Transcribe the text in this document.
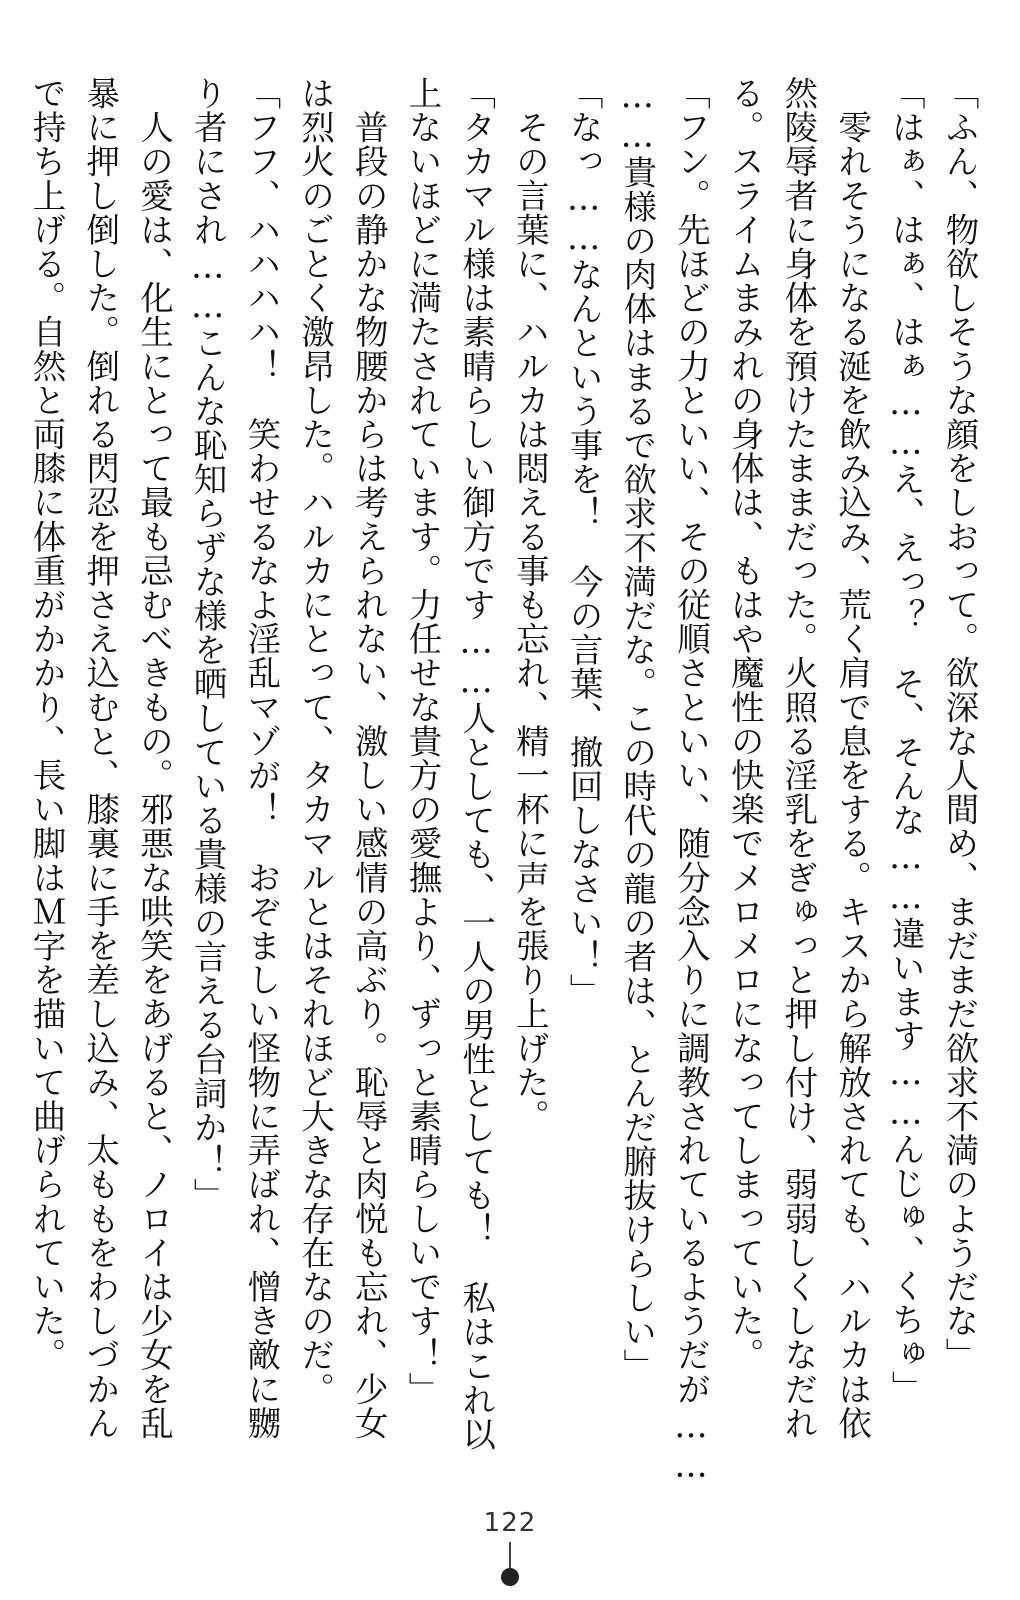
「ふん、物欲しそうな顔をしおって。欲深な人間め、まだまだ欲求不満のようだな」
「はぁ、はぁ、はぁ……え、えっ？　そ、そんな……違います……んじゅ、くちゅ」
　零れそうになる涎を飲み込み、荒く肩で息をする。キスから解放されても、ハルカは依
然陵辱者に身体を預けたままだった。火照る淫乳をぎゅっと押し付け、弱弱しくしなだれ
る。スライムまみれの身体は、もはや魔性の快楽でメロメロになってしまっていた。
「フン。先ほどの力といい、その従順さといい、随分念入りに調教されているようだが……
……貴様の肉体はまるで欲求不満だな。この時代の龍の者は、とんだ腑抜けらしい」
「なっ……なんという事を！　今の言葉、撤回しなさい！」
　その言葉に、ハルカは悶える事も忘れ、精一杯に声を張り上げた。
「タカマル様は素晴らしい御方です……人としても、一人の男性としても！　私はこれ以
上ないほどに満たされています。力任せな貴方の愛撫より、ずっと素晴らしいです！」
　普段の静かな物腰からは考えられない、激しい感情の高ぶり。恥辱と肉悦も忘れ、少女
は烈火のごとく激昂した。ハルカにとって、タカマルとはそれほど大きな存在なのだ。
「フフ、ハハハハ！　笑わせるなよ淫乱マゾが！　おぞましい怪物に弄ばれ、憎き敵に嬲
り者にされ……こんな恥知らずな様を晒している貴様の言える台詞か！」
　人の愛は、化生にとって最も忌むべきもの。邪悪な哄笑をあげると、ノロイは少女を乱
暴に押し倒した。倒れる閃忍を押さえ込むと、膝裏に手を差し込み、太ももをわしづかん
で持ち上げる。自然と両膝に体重がかかり、長い脚はＭ字を描いて曲げられていた。
122
